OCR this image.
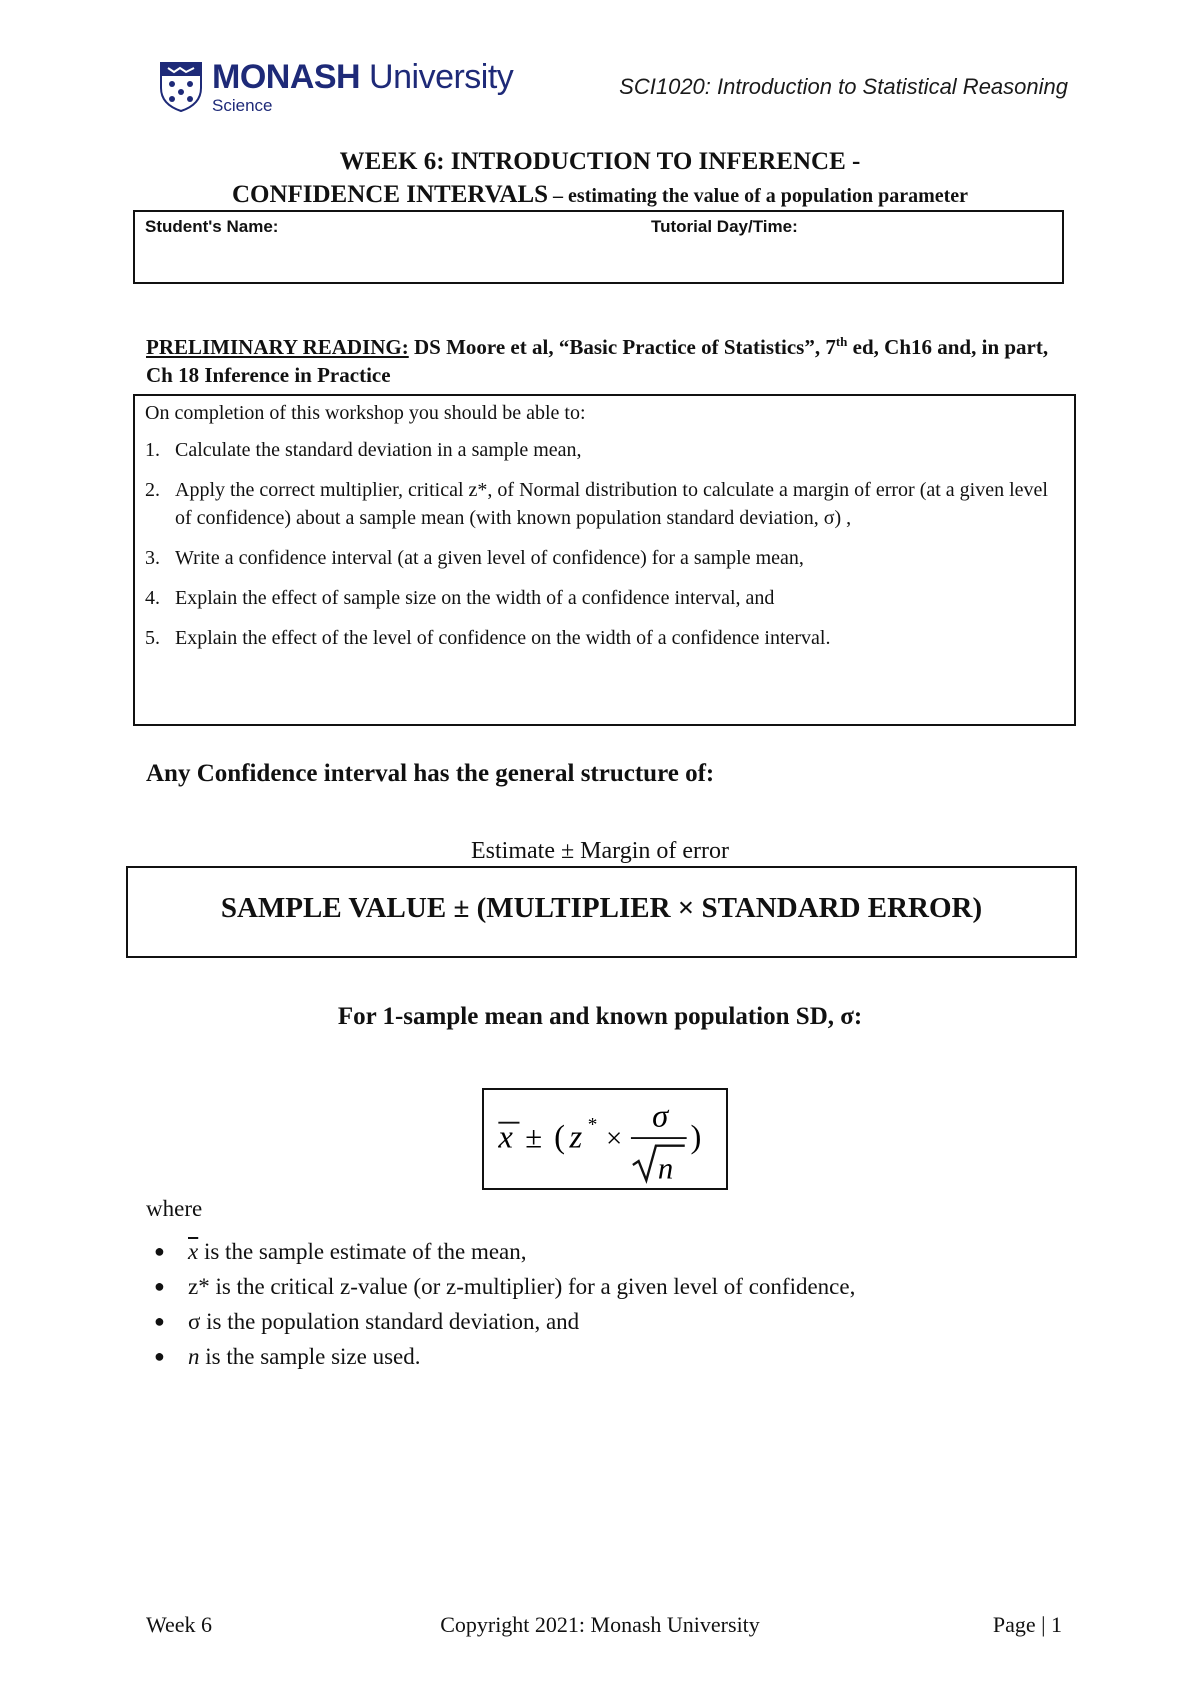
MONASH University
Science
SCI1020: Introduction to Statistical Reasoning
WEEK 6: INTRODUCTION TO INFERENCE -
CONFIDENCE INTERVALS – estimating the value of a population parameter
Student's Name:	Tutorial Day/Time:
PRELIMINARY READING: DS Moore et al, “Basic Practice of Statistics”, 7th ed, Ch16 and, in part, Ch 18 Inference in Practice
On completion of this workshop you should be able to:
1. Calculate the standard deviation in a sample mean,
2. Apply the correct multiplier, critical z*, of Normal distribution to calculate a margin of error (at a given level of confidence) about a sample mean (with known population standard deviation, σ) ,
3. Write a confidence interval (at a given level of confidence) for a sample mean,
4. Explain the effect of sample size on the width of a confidence interval, and
5. Explain the effect of the level of confidence on the width of a confidence interval.
Any Confidence interval has the general structure of:
Estimate ± Margin of error
SAMPLE VALUE ± (MULTIPLIER × STANDARD ERROR)
For 1-sample mean and known population SD, σ:
x ± ( z * ×
σ
n
)
where
● $\overline{x}$ is the sample estimate of the mean,
● z* is the critical z-value (or z-multiplier) for a given level of confidence,
● σ is the population standard deviation, and
● n is the sample size used.
Week 6	Copyright 2021: Monash University	Page | 1
